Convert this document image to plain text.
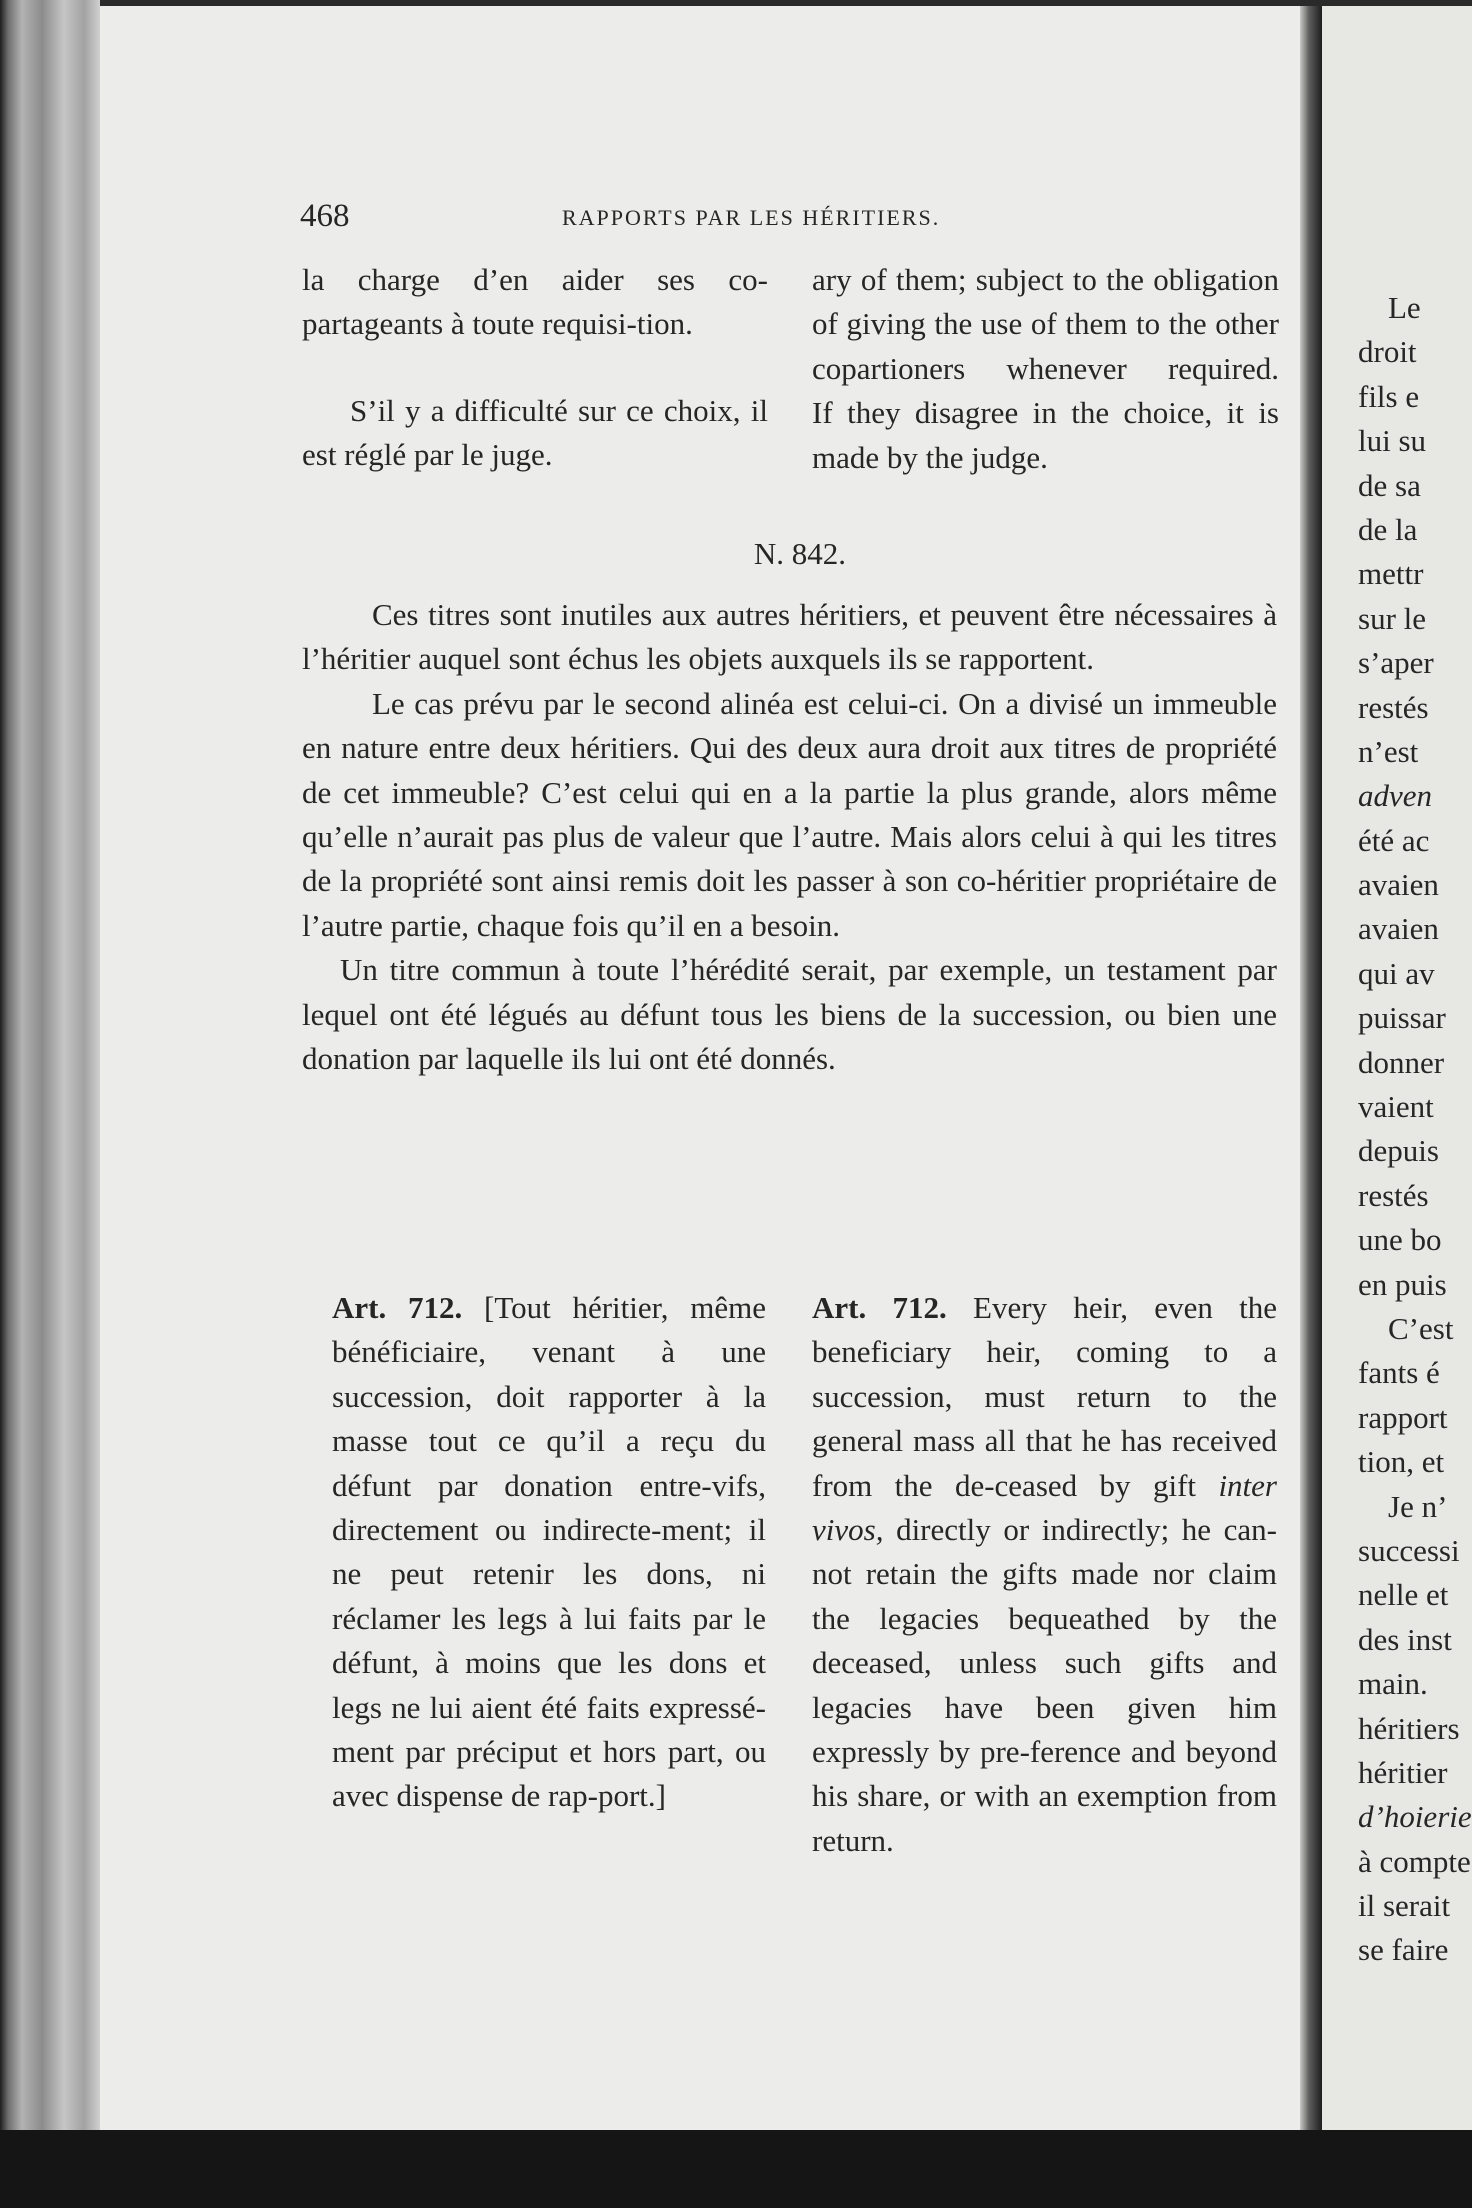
468	RAPPORTS PAR LES HÉRITIERS.

la charge d’en aider ses co-partageants à toute requisi-tion.

S’il y a difficulté sur ce choix, il est réglé par le juge.

ary of them; subject to the obligation of giving the use of them to the other copartioners whenever required.

If they disagree in the choice, it is made by the judge.

N. 842.

Ces titres sont inutiles aux autres héritiers, et peuvent être nécessaires à l’héritier auquel sont échus les objets auxquels ils se rapportent.

Le cas prévu par le second alinéa est celui-ci. On a divisé un immeuble en nature entre deux héritiers. Qui des deux aura droit aux titres de propriété de cet immeuble? C’est celui qui en a la partie la plus grande, alors même qu’elle n’aurait pas plus de valeur que l’autre. Mais alors celui à qui les titres de la propriété sont ainsi remis doit les passer à son co-héritier propriétaire de l’autre partie, chaque fois qu’il en a besoin.

Un titre commun à toute l’hérédité serait, par exemple, un testament par lequel ont été légués au défunt tous les biens de la succession, ou bien une donation par laquelle ils lui ont été donnés.

Art. 712. [Tout héritier, même bénéficiaire, venant à une succession, doit rapporter à la masse tout ce qu’il a reçu du défunt par donation entre-vifs, directement ou indirecte-ment; il ne peut retenir les dons, ni réclamer les legs à lui faits par le défunt, à moins que les dons et legs ne lui aient été faits expressé-ment par préciput et hors part, ou avec dispense de rap-port.]

Art. 712. Every heir, even the beneficiary heir, coming to a succession, must return to the general mass all that he has received from the de-ceased by gift inter vivos, directly or indirectly; he can-not retain the gifts made nor claim the legacies bequeathed by the deceased, unless such gifts and legacies have been given him expressly by pre-ference and beyond his share, or with an exemption from return.

Le
droit
fils e
lui su
de sa
de la
mettr
sur le
s’aper
restés
n’est
adven
été ac
avaien
avaien
qui av
puissar
donner
vaient
depuis
restés
une bo
en puis
C’est
fants é
rapport
tion, et
Je n’
successi
nelle et
des inst
main.
héritiers
héritier
d’hoierie
à compte
il serait
se faire
